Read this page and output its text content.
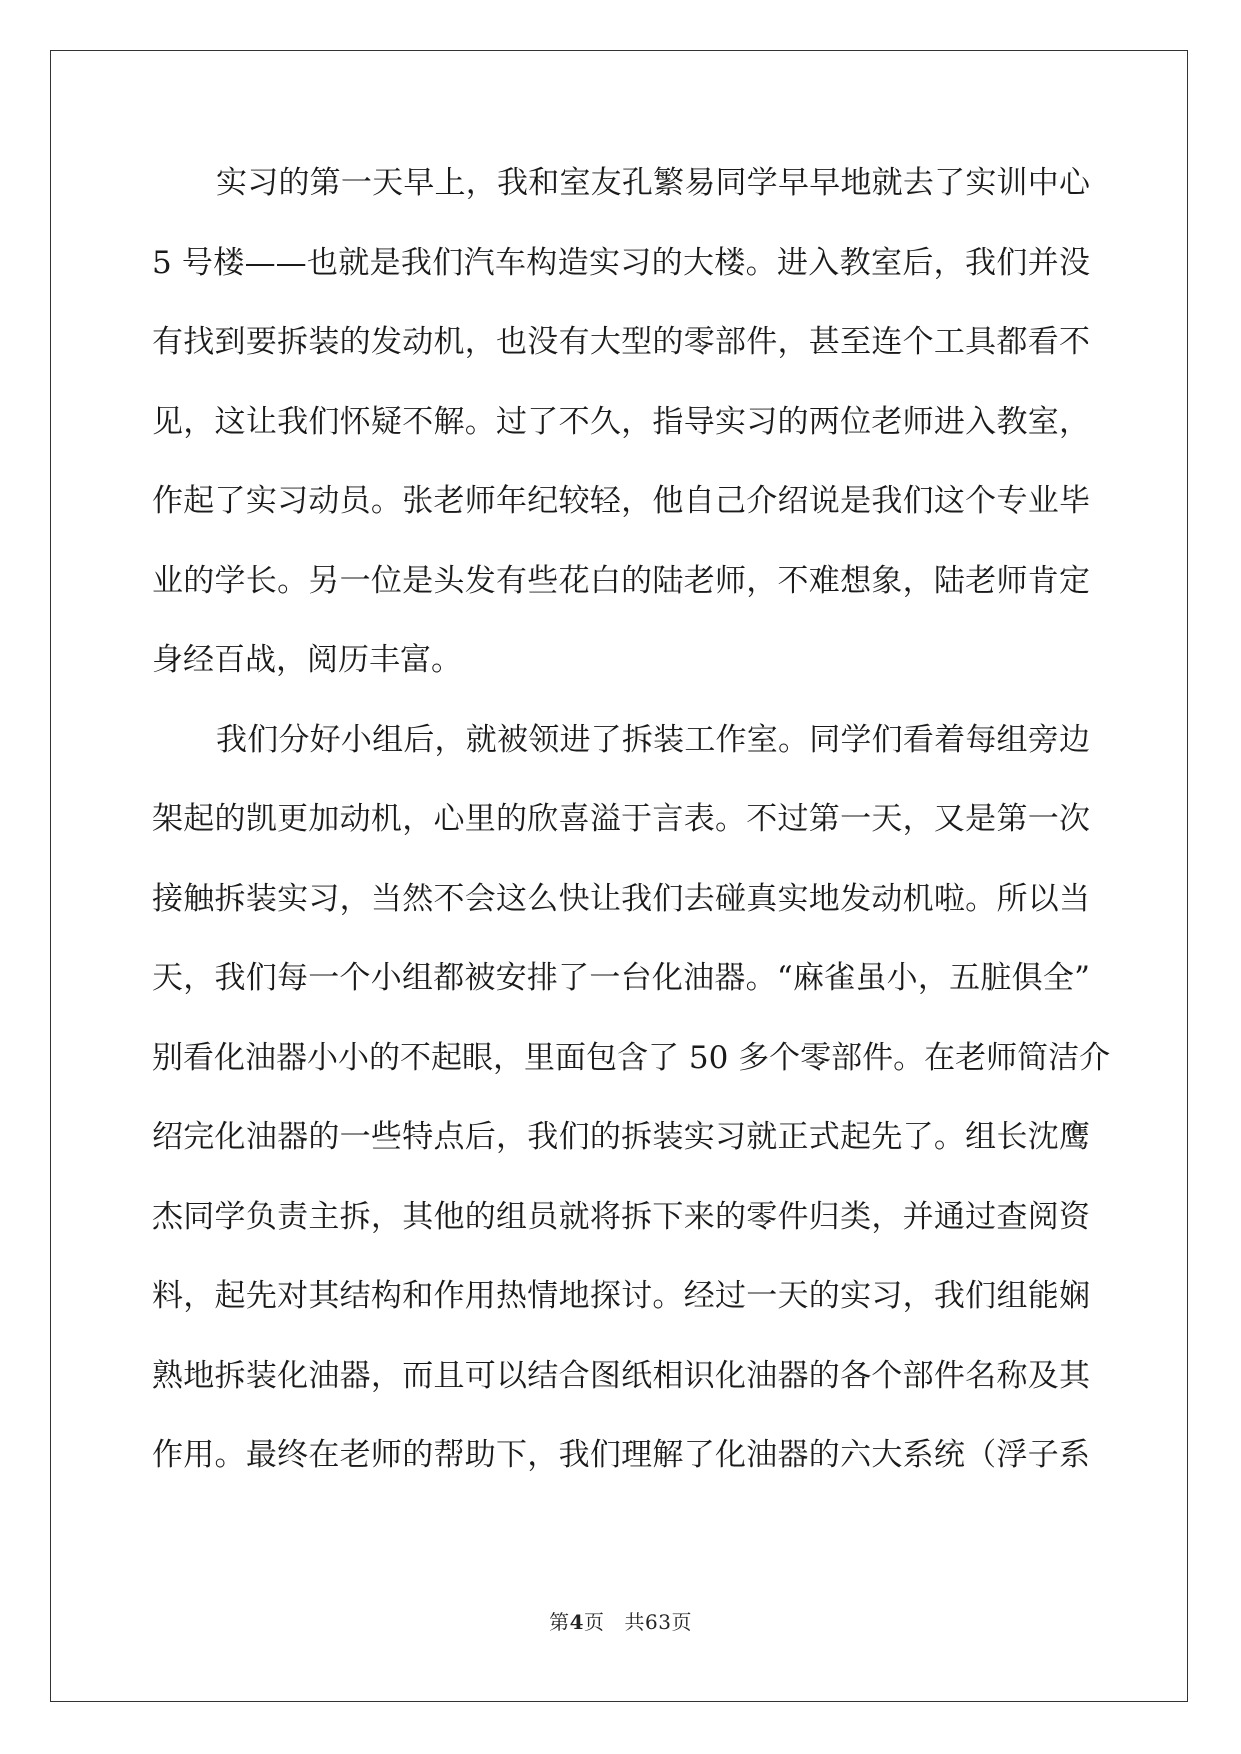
实习的第一天早上，我和室友孔繁易同学早早地就去了实训中心
5 号楼——也就是我们汽车构造实习的大楼。进入教室后，我们并没
有找到要拆装的发动机，也没有大型的零部件，甚至连个工具都看不
见，这让我们怀疑不解。过了不久，指导实习的两位老师进入教室，
作起了实习动员。张老师年纪较轻，他自己介绍说是我们这个专业毕
业的学长。另一位是头发有些花白的陆老师，不难想象，陆老师肯定
身经百战，阅历丰富。
我们分好小组后，就被领进了拆装工作室。同学们看着每组旁边
架起的凯更加动机，心里的欣喜溢于言表。不过第一天，又是第一次
接触拆装实习，当然不会这么快让我们去碰真实地发动机啦。所以当
天，我们每一个小组都被安排了一台化油器。“麻雀虽小，五脏俱全”
别看化油器小小的不起眼，里面包含了 50 多个零部件。在老师简洁介
绍完化油器的一些特点后，我们的拆装实习就正式起先了。组长沈鹰
杰同学负责主拆，其他的组员就将拆下来的零件归类，并通过查阅资
料，起先对其结构和作用热情地探讨。经过一天的实习，我们组能娴
熟地拆装化油器，而且可以结合图纸相识化油器的各个部件名称及其
作用。最终在老师的帮助下，我们理解了化油器的六大系统（浮子系
第4页 共63页
